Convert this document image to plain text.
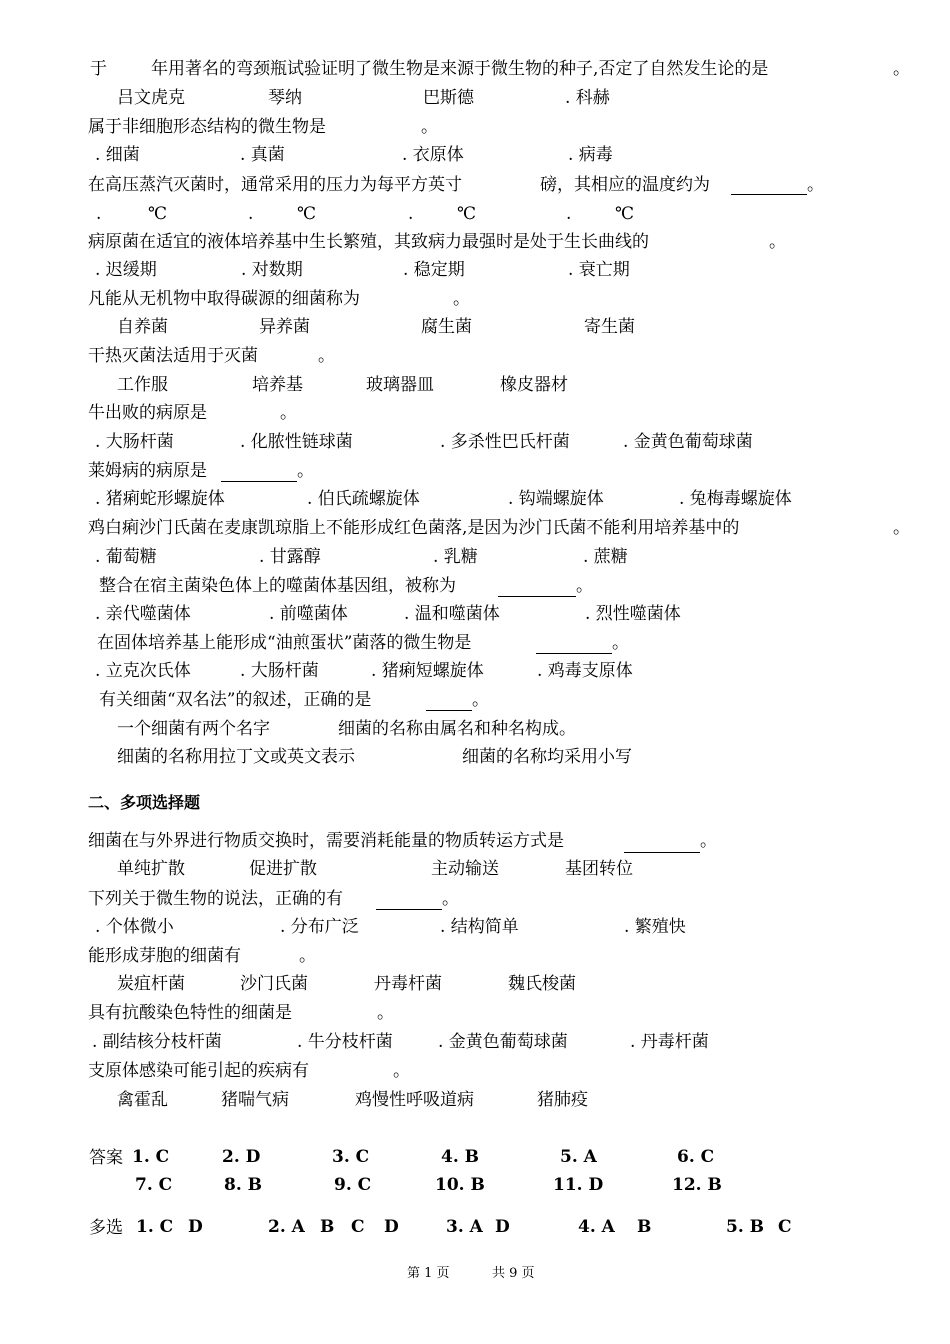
于	年用著名的弯颈瓶试验证明了微生物是来源于微生物的种子,否定了自然发生论的是	。
吕文虎克	琴纳	巴斯德	. 科赫
属于非细胞形态结构的微生物是	。
. 细菌	. 真菌	. 衣原体	. 病毒
在高压蒸汽灭菌时，通常采用的压力为每平方英寸	磅，其相应的温度约为	。
.	℃	.	℃	.	℃	.	℃
病原菌在适宜的液体培养基中生长繁殖，其致病力最强时是处于生长曲线的	。
. 迟缓期	. 对数期	. 稳定期	. 衰亡期
凡能从无机物中取得碳源的细菌称为	。
自养菌	异养菌	腐生菌	寄生菌
干热灭菌法适用于灭菌	。
工作服	培养基	玻璃器皿	橡皮器材
牛出败的病原是	。
. 大肠杆菌	. 化脓性链球菌	. 多杀性巴氏杆菌	. 金黄色葡萄球菌
莱姆病的病原是	。
. 猪痢蛇形螺旋体	. 伯氏疏螺旋体	. 钩端螺旋体	. 兔梅毒螺旋体
鸡白痢沙门氏菌在麦康凯琼脂上不能形成红色菌落,是因为沙门氏菌不能利用培养基中的	。
. 葡萄糖	. 甘露醇	. 乳糖	. 蔗糖
整合在宿主菌染色体上的噬菌体基因组，被称为	。
. 亲代噬菌体	. 前噬菌体	. 温和噬菌体	. 烈性噬菌体
在固体培养基上能形成“油煎蛋状”菌落的微生物是	。
. 立克次氏体	. 大肠杆菌	. 猪痢短螺旋体	. 鸡毒支原体
有关细菌“双名法”的叙述，正确的是	。
一个细菌有两个名字	细菌的名称由属名和种名构成。
细菌的名称用拉丁文或英文表示	细菌的名称均采用小写
二、多项选择题
细菌在与外界进行物质交换时，需要消耗能量的物质转运方式是	。
单纯扩散	促进扩散	主动输送	基团转位
下列关于微生物的说法，正确的有	。
. 个体微小	. 分布广泛	. 结构简单	. 繁殖快
能形成芽胞的细菌有	。
炭疽杆菌	沙门氏菌	丹毒杆菌	魏氏梭菌
具有抗酸染色特性的细菌是	。
. 副结核分枝杆菌	. 牛分枝杆菌	. 金黄色葡萄球菌	. 丹毒杆菌
支原体感染可能引起的疾病有	。
禽霍乱	猪喘气病	鸡慢性呼吸道病	猪肺疫
答案 1. C	2. D	3. C	4. B	5. A	6. C
7. C	8. B	9. C	10. B	11. D	12. B
多选 1. C D	2. A B C D	3. A D	4. A B	5. B C
第 1 页	共 9 页
